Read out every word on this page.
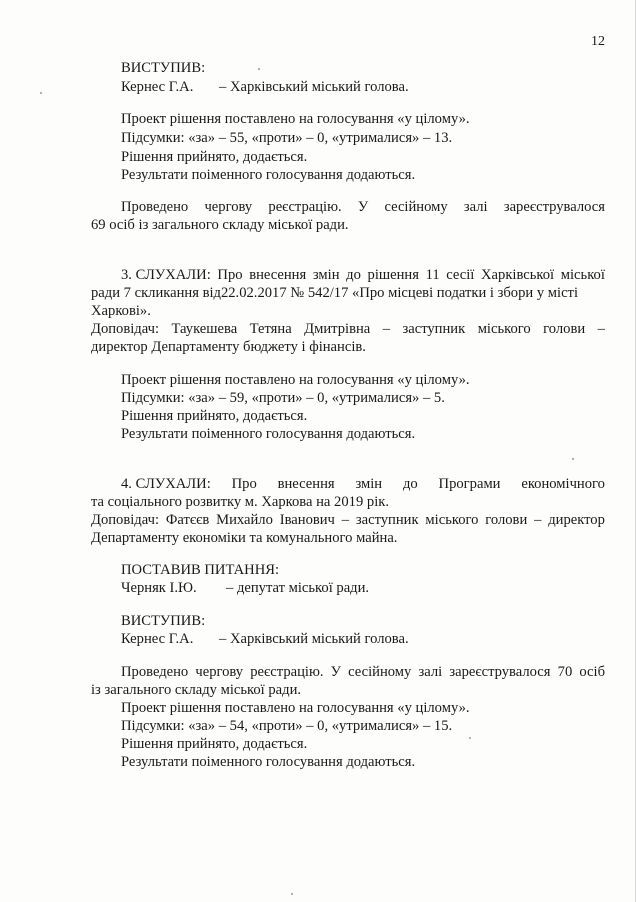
12
ВИСТУПИВ:
Кернес Г.А. – Харківський міський голова.
Проект рішення поставлено на голосування «у цілому».
Підсумки: «за» – 55, «проти» – 0, «утрималися» – 13.
Рішення прийнято, додається.
Результати поіменного голосування додаються.
Проведено чергову реєстрацію. У сесійному залі зареєструвалося
69 осіб із загального складу міської ради.
3. СЛУХАЛИ: Про внесення змін до рішення 11 сесії Харківської міської
ради 7 скликання від22.02.2017 № 542/17 «Про місцеві податки і збори у місті
Харкові».
Доповідач: Таукешева Тетяна Дмитрівна – заступник міського голови –
директор Департаменту бюджету і фінансів.
Проект рішення поставлено на голосування «у цілому».
Підсумки: «за» – 59, «проти» – 0, «утрималися» – 5.
Рішення прийнято, додається.
Результати поіменного голосування додаються.
4. СЛУХАЛИ: Про внесення змін до Програми економічного
та соціального розвитку м. Харкова на 2019 рік.
Доповідач: Фатєєв Михайло Іванович – заступник міського голови – директор
Департаменту економіки та комунального майна.
ПОСТАВИВ ПИТАННЯ:
Черняк І.Ю. – депутат міської ради.
ВИСТУПИВ:
Кернес Г.А. – Харківський міський голова.
Проведено чергову реєстрацію. У сесійному залі зареєструвалося 70 осіб
із загального складу міської ради.
Проект рішення поставлено на голосування «у цілому».
Підсумки: «за» – 54, «проти» – 0, «утрималися» – 15.
Рішення прийнято, додається.
Результати поіменного голосування додаються.
